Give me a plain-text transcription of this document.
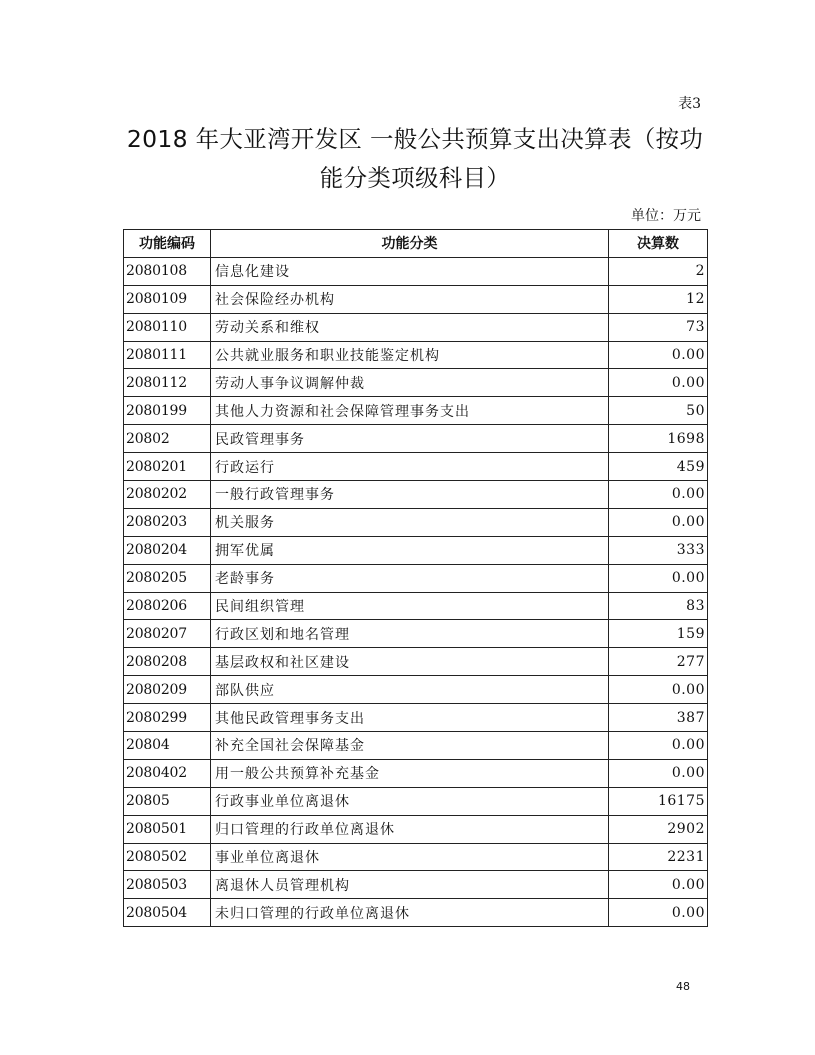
表3
2018 年大亚湾开发区 一般公共预算支出决算表（按功
能分类项级科目）
单位：万元
功能编码	功能分类	决算数
2080108	信息化建设	2
2080109	社会保险经办机构	12
2080110	劳动关系和维权	73
2080111	公共就业服务和职业技能鉴定机构	0.00
2080112	劳动人事争议调解仲裁	0.00
2080199	其他人力资源和社会保障管理事务支出	50
20802	民政管理事务	1698
2080201	行政运行	459
2080202	一般行政管理事务	0.00
2080203	机关服务	0.00
2080204	拥军优属	333
2080205	老龄事务	0.00
2080206	民间组织管理	83
2080207	行政区划和地名管理	159
2080208	基层政权和社区建设	277
2080209	部队供应	0.00
2080299	其他民政管理事务支出	387
20804	补充全国社会保障基金	0.00
2080402	用一般公共预算补充基金	0.00
20805	行政事业单位离退休	16175
2080501	归口管理的行政单位离退休	2902
2080502	事业单位离退休	2231
2080503	离退休人员管理机构	0.00
2080504	未归口管理的行政单位离退休	0.00
48
